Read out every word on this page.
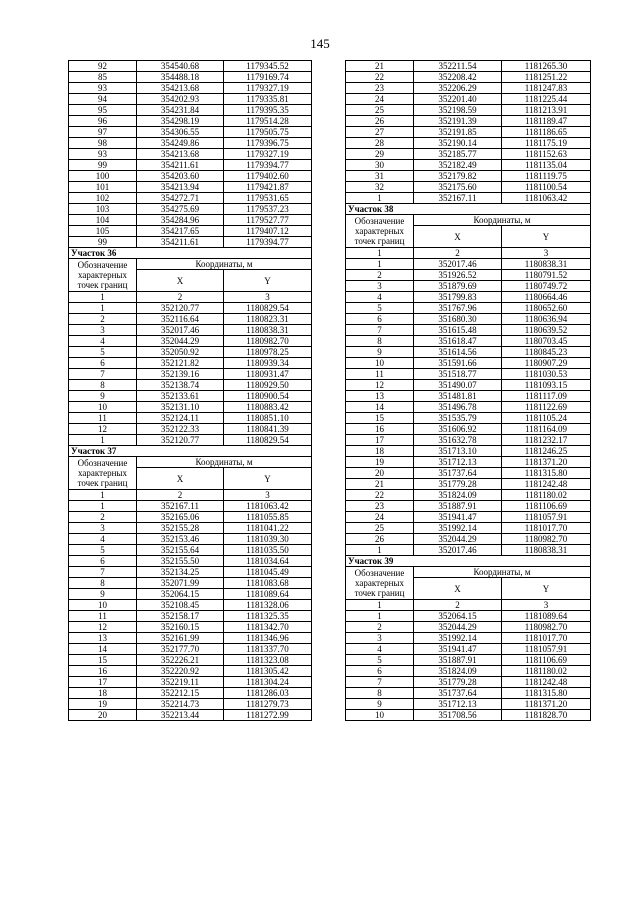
145
92	354540.68	1179345.52
85	354488.18	1179169.74
93	354213.68	1179327.19
94	354202.93	1179335.81
95	354231.84	1179395.35
96	354298.19	1179514.28
97	354306.55	1179505.75
98	354249.86	1179396.75
93	354213.68	1179327.19
99	354211.61	1179394.77
100	354203.60	1179402.60
101	354213.94	1179421.87
102	354272.71	1179531.65
103	354275.69	1179537.23
104	354284.96	1179527.77
105	354217.65	1179407.12
99	354211.61	1179394.77
Участок 36		
Обозначение характерных точек границ	Координаты, м	
	X	Y
1	2	3
1	352120.77	1180829.54
2	352116.64	1180823.31
3	352017.46	1180838.31
4	352044.29	1180982.70
5	352050.92	1180978.25
6	352121.82	1180939.34
7	352139.16	1180931.47
8	352138.74	1180929.50
9	352133.61	1180900.54
10	352131.10	1180883.42
11	352124.11	1180851.10
12	352122.33	1180841.39
1	352120.77	1180829.54
Участок 37		
Обозначение характерных точек границ	Координаты, м	
	X	Y
1	2	3
1	352167.11	1181063.42
2	352165.06	1181055.85
3	352155.28	1181041.22
4	352153.46	1181039.30
5	352155.64	1181035.50
6	352155.50	1181034.64
7	352134.25	1181045.49
8	352071.99	1181083.68
9	352064.15	1181089.64
10	352108.45	1181328.06
11	352158.17	1181325.35
12	352160.15	1181342.70
13	352161.99	1181346.96
14	352177.70	1181337.70
15	352226.21	1181323.08
16	352220.92	1181305.42
17	352219.11	1181304.24
18	352212.15	1181286.03
19	352214.73	1181279.73
20	352213.44	1181272.99
21	352211.54	1181265.30
22	352208.42	1181251.22
23	352206.29	1181247.83
24	352201.40	1181225.44
25	352198.59	1181213.91
26	352191.39	1181189.47
27	352191.85	1181186.65
28	352190.14	1181175.19
29	352185.77	1181152.63
30	352182.49	1181135.04
31	352179.82	1181119.75
32	352175.60	1181100.54
1	352167.11	1181063.42
Участок 38		
Обозначение характерных точек границ	Координаты, м	
	X	Y
1	2	3
1	352017.46	1180838.31
2	351926.52	1180791.52
3	351879.69	1180749.72
4	351799.83	1180664.46
5	351767.96	1180652.60
6	351680.30	1180636.94
7	351615.48	1180639.52
8	351618.47	1180703.45
9	351614.56	1180845.23
10	351591.66	1180907.29
11	351518.77	1181030.53
12	351490.07	1181093.15
13	351481.81	1181117.09
14	351496.78	1181122.69
15	351535.79	1181105.24
16	351606.92	1181164.09
17	351632.78	1181232.17
18	351713.10	1181246.25
19	351712.13	1181371.20
20	351737.64	1181315.80
21	351779.28	1181242.48
22	351824.09	1181180.02
23	351887.91	1181106.69
24	351941.47	1181057.91
25	351992.14	1181017.70
26	352044.29	1180982.70
1	352017.46	1180838.31
Участок 39		
Обозначение характерных точек границ	Координаты, м	
	X	Y
1	2	3
1	352064.15	1181089.64
2	352044.29	1180982.70
3	351992.14	1181017.70
4	351941.47	1181057.91
5	351887.91	1181106.69
6	351824.09	1181180.02
7	351779.28	1181242.48
8	351737.64	1181315.80
9	351712.13	1181371.20
10	351708.56	1181828.70
